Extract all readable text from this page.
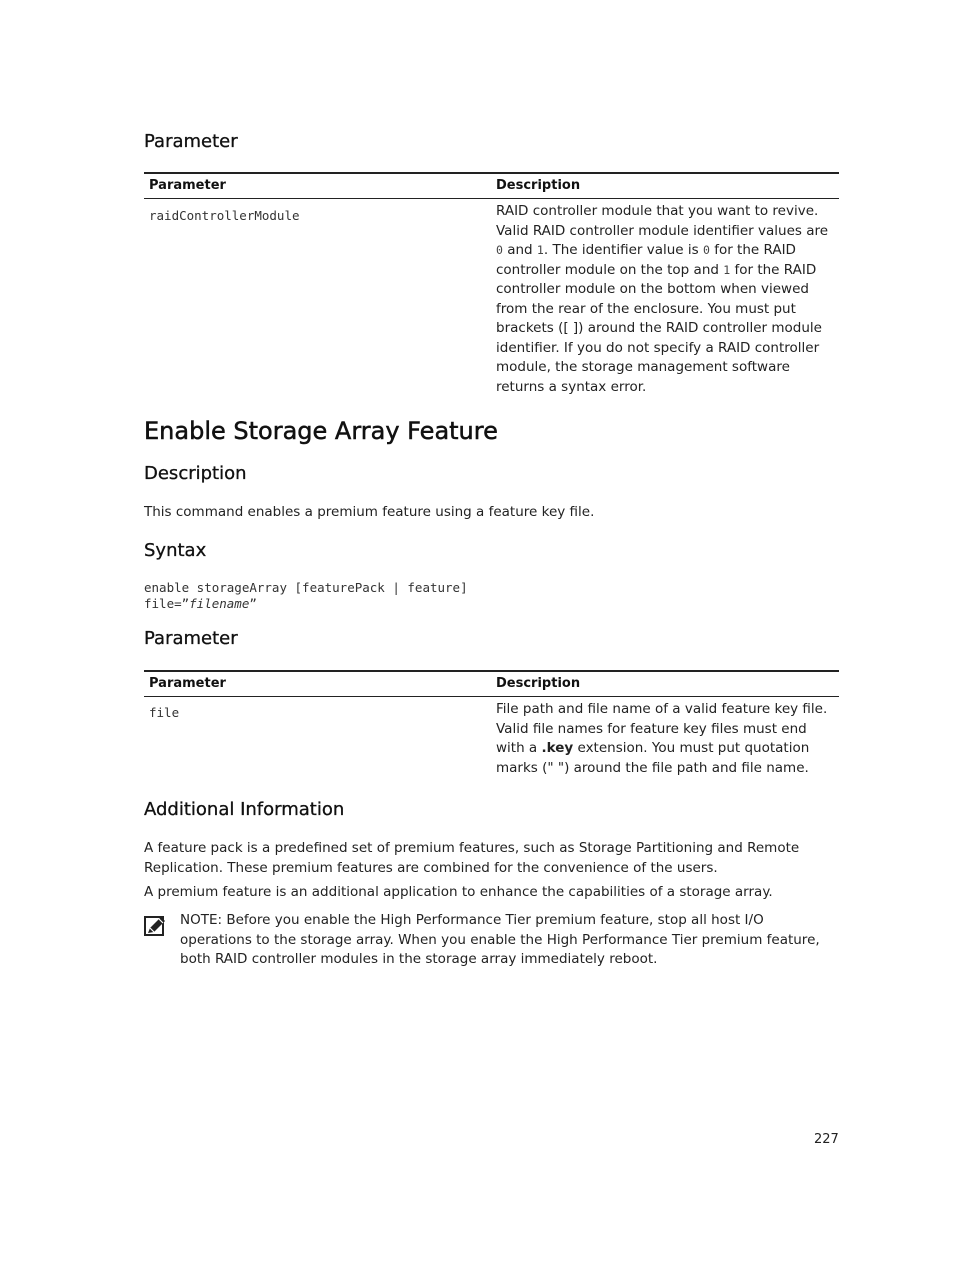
Parameter
Parameter	Description
raidControllerModule	RAID controller module that you want to revive. Valid RAID controller module identifier values are 0 and 1. The identifier value is 0 for the RAID controller module on the top and 1 for the RAID controller module on the bottom when viewed from the rear of the enclosure. You must put brackets ([ ]) around the RAID controller module identifier. If you do not specify a RAID controller module, the storage management software returns a syntax error.
Enable Storage Array Feature
Description

This command enables a premium feature using a feature key file.

Syntax
enable storageArray [featurePack | feature]
file=”filename”
Parameter
Parameter	Description
file	File path and file name of a valid feature key file. Valid file names for feature key files must end with a .key extension. You must put quotation marks (" ") around the file path and file name.
Additional Information

A feature pack is a predefined set of premium features, such as Storage Partitioning and Remote Replication. These premium features are combined for the convenience of the users.

A premium feature is an additional application to enhance the capabilities of a storage array.

NOTE: Before you enable the High Performance Tier premium feature, stop all host I/O operations to the storage array. When you enable the High Performance Tier premium feature, both RAID controller modules in the storage array immediately reboot.

227
